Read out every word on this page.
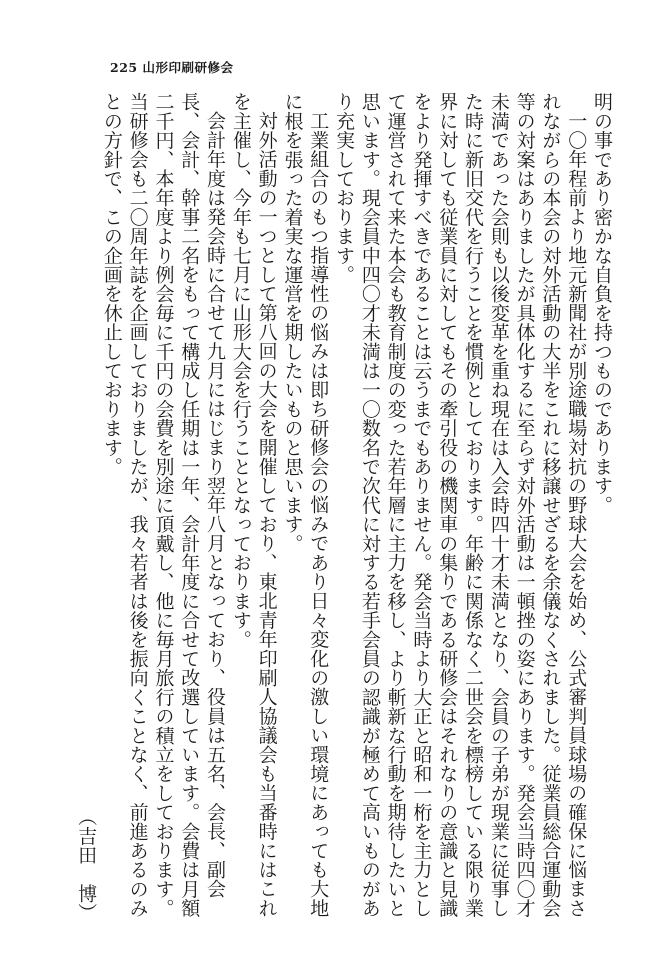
225 山形印刷研修会

明の事であり密かな自負を持つものであります。

一〇年程前より地元新聞社が別途職場対抗の野球大会を始め、公式審判員球場の確保に悩まされながらの本会の対外活動の大半をこれに移譲せざるを余儀なくされました。従業員総合運動会等の対案はありましたが具体化するに至らず対外活動は一頓挫の姿にあります。発会当時四〇才未満であった会則も以後変革を重ね現在は入会時四十才未満となり、会員の子弟が現業に従事した時に新旧交代を行うことを慣例としております。年齢に関係なく二世会を標榜している限り業界に対しても従業員に対してもその牽引役の機関車の集りである研修会はそれなりの意識と見識をより発揮すべきであることは云うまでもありません。発会当時より大正と昭和一桁を主力として運営されて来た本会も教育制度の変った若年層に主力を移し、より斬新な行動を期待したいと思います。現会員中四〇才未満は一〇数名で次代に対する若手会員の認識が極めて高いものがあり充実しております。

工業組合のもつ指導性の悩みは即ち研修会の悩みであり日々変化の激しい環境にあっても大地に根を張った着実な運営を期したいものと思います。

対外活動の一つとして第八回の大会を開催しており、東北青年印刷人協議会も当番時にはこれを主催し、今年も七月に山形大会を行うこととなっております。

会計年度は発会時に合せて九月にはじまり翌年八月となっており、役員は五名、会長、副会長、会計、幹事二名をもって構成し任期は一年、会計年度に合せて改選しています。会費は月額二千円、本年度より例会毎に千円の会費を別途に頂戴し、他に毎月旅行の積立をしております。当研修会も二〇周年誌を企画しておりましたが、我々若者は後を振向くことなく、前進あるのみとの方針で、この企画を休止しております。

（吉田　博）
